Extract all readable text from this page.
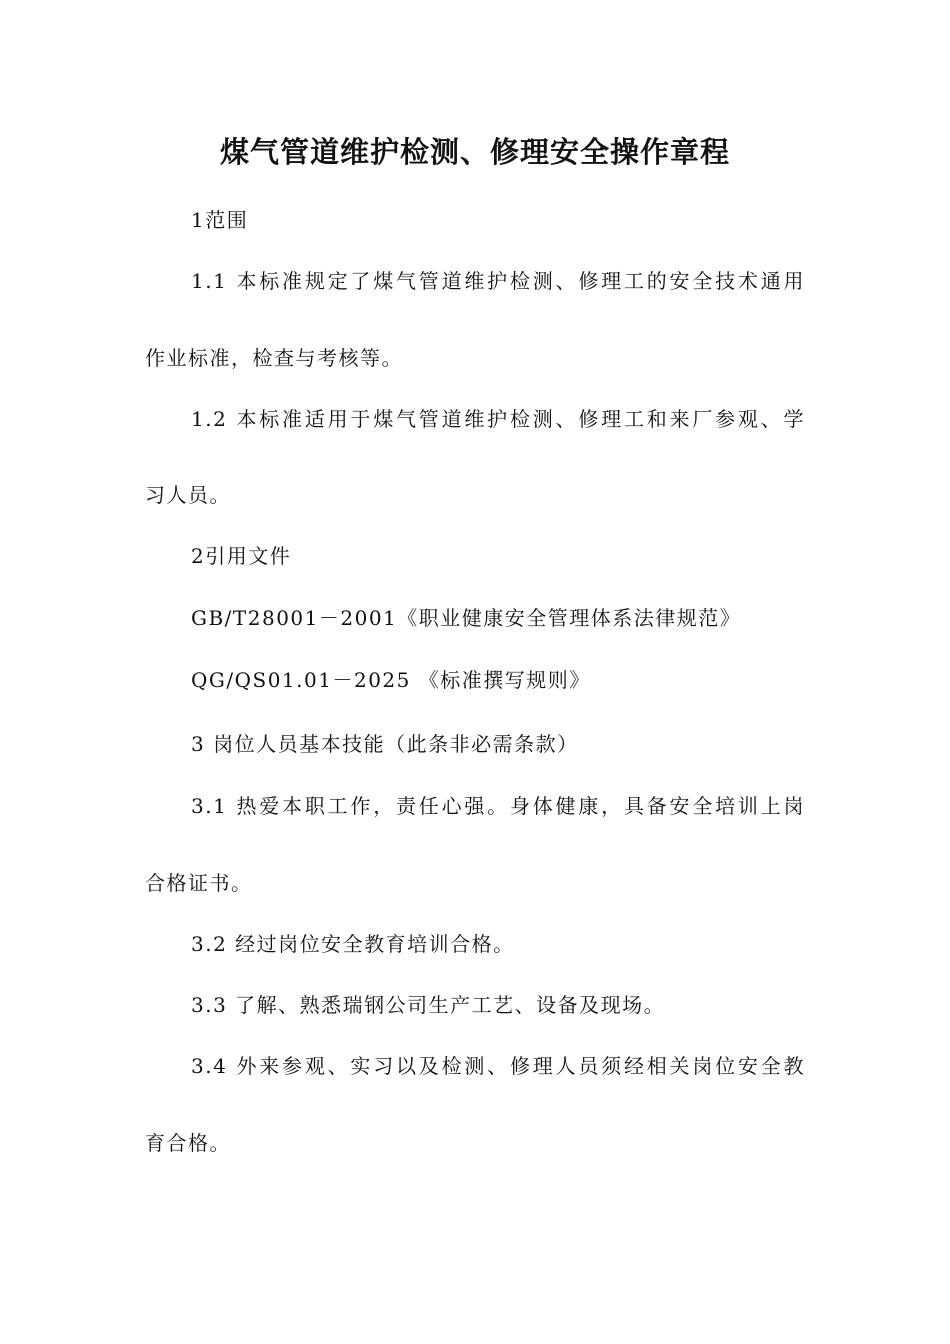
煤气管道维护检测、修理安全操作章程

1范围

1.1 本标准规定了煤气管道维护检测、修理工的安全技术通用

作业标准，检查与考核等。

1.2 本标准适用于煤气管道维护检测、修理工和来厂参观、学

习人员。

2引用文件

GB/T28001－2001《职业健康安全管理体系法律规范》

QG/QS01.01－2025 《标准撰写规则》

3 岗位人员基本技能（此条非必需条款）

3.1 热爱本职工作，责任心强。身体健康，具备安全培训上岗

合格证书。

3.2 经过岗位安全教育培训合格。

3.3 了解、熟悉瑞钢公司生产工艺、设备及现场。

3.4 外来参观、实习以及检测、修理人员须经相关岗位安全教

育合格。
